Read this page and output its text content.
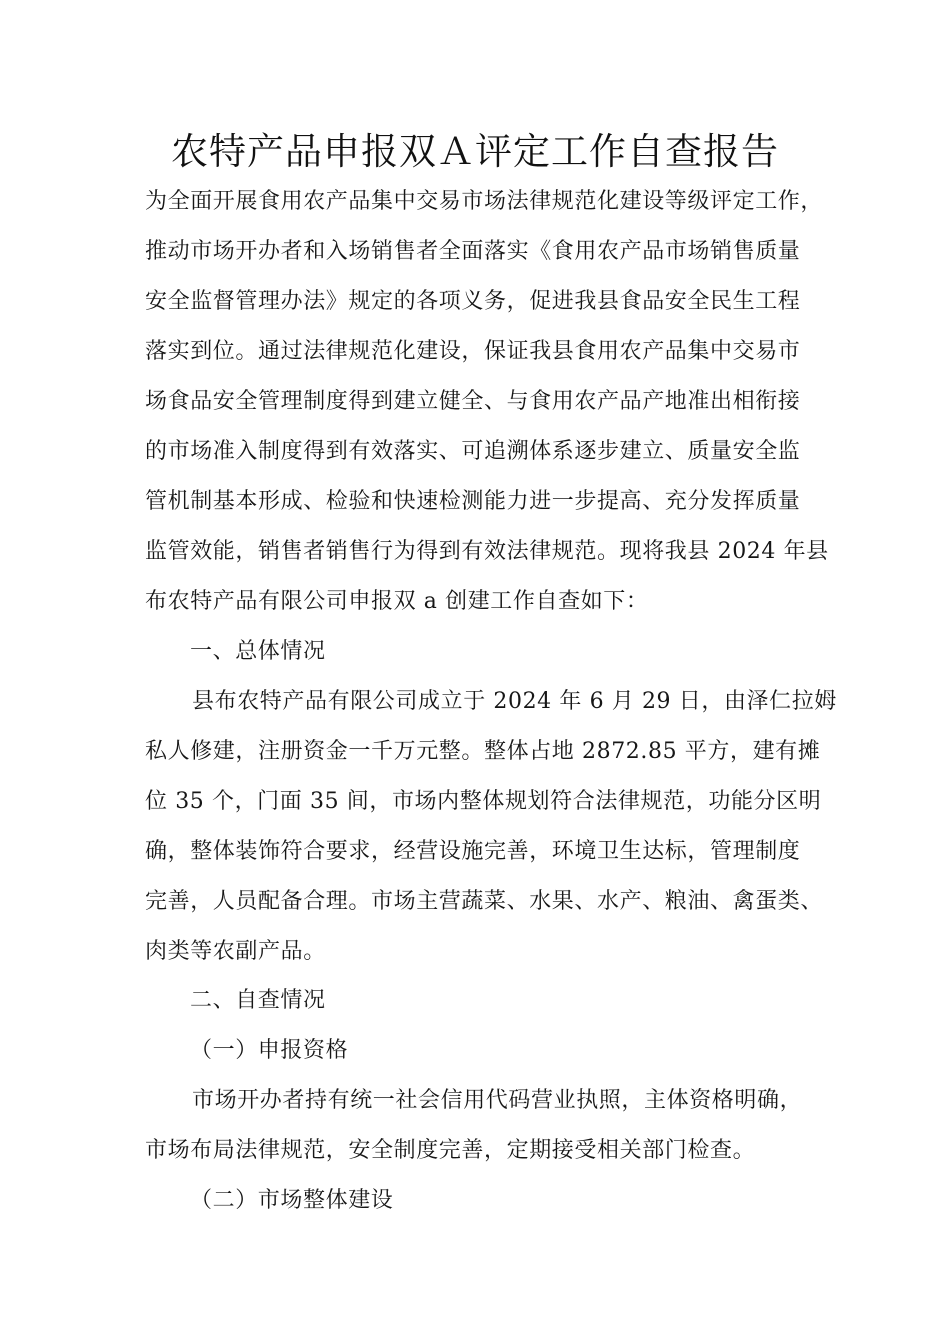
农特产品申报双Ａ评定工作自查报告
为全面开展食用农产品集中交易市场法律规范化建设等级评定工作，
推动市场开办者和入场销售者全面落实《食用农产品市场销售质量
安全监督管理办法》规定的各项义务，促进我县食品安全民生工程
落实到位。通过法律规范化建设，保证我县食用农产品集中交易市
场食品安全管理制度得到建立健全、与食用农产品产地准出相衔接
的市场准入制度得到有效落实、可追溯体系逐步建立、质量安全监
管机制基本形成、检验和快速检测能力进一步提高、充分发挥质量
监管效能，销售者销售行为得到有效法律规范。现将我县 2024 年县
布农特产品有限公司申报双 a 创建工作自查如下：
一、总体情况
县布农特产品有限公司成立于 2024 年 6 月 29 日，由泽仁拉姆
私人修建，注册资金一千万元整。整体占地 2872.85 平方，建有摊
位 35 个，门面 35 间，市场内整体规划符合法律规范，功能分区明
确，整体装饰符合要求，经营设施完善，环境卫生达标，管理制度
完善，人员配备合理。市场主营蔬菜、水果、水产、粮油、禽蛋类、
肉类等农副产品。
二、自查情况
（一）申报资格
市场开办者持有统一社会信用代码营业执照，主体资格明确，
市场布局法律规范，安全制度完善，定期接受相关部门检查。
（二）市场整体建设
